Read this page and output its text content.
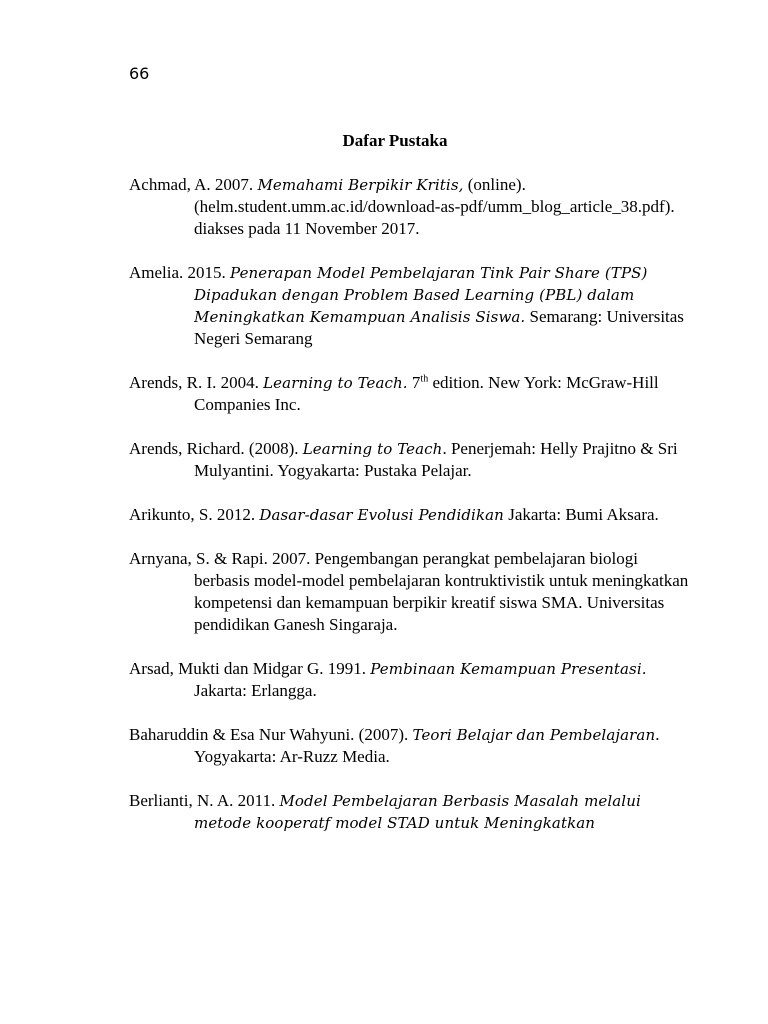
66
Dafar Pustaka

Achmad, A. 2007. Memahami Berpikir Kritis, (online). (helm.student.umm.ac.id/download-as-pdf/umm_blog_article_38.pdf). diakses pada 11 November 2017.

Amelia. 2015. Penerapan Model Pembelajaran Tink Pair Share (TPS) Dipadukan dengan Problem Based Learning (PBL) dalam Meningkatkan Kemampuan Analisis Siswa. Semarang: Universitas Negeri Semarang

Arends, R. I. 2004. Learning to Teach. 7th edition. New York: McGraw-Hill Companies Inc.

Arends, Richard. (2008). Learning to Teach. Penerjemah: Helly Prajitno & Sri Mulyantini. Yogyakarta: Pustaka Pelajar.

Arikunto, S. 2012. Dasar-dasar Evolusi Pendidikan Jakarta: Bumi Aksara.

Arnyana, S. & Rapi. 2007. Pengembangan perangkat pembelajaran biologi berbasis model-model pembelajaran kontruktivistik untuk meningkatkan kompetensi dan kemampuan berpikir kreatif siswa SMA. Universitas pendidikan Ganesh Singaraja.

Arsad, Mukti dan Midgar G. 1991. Pembinaan Kemampuan Presentasi. Jakarta: Erlangga.

Baharuddin & Esa Nur Wahyuni. (2007). Teori Belajar dan Pembelajaran. Yogyakarta: Ar-Ruzz Media.

Berlianti, N. A. 2011. Model Pembelajaran Berbasis Masalah melalui metode kooperatf model STAD untuk Meningkatkan
